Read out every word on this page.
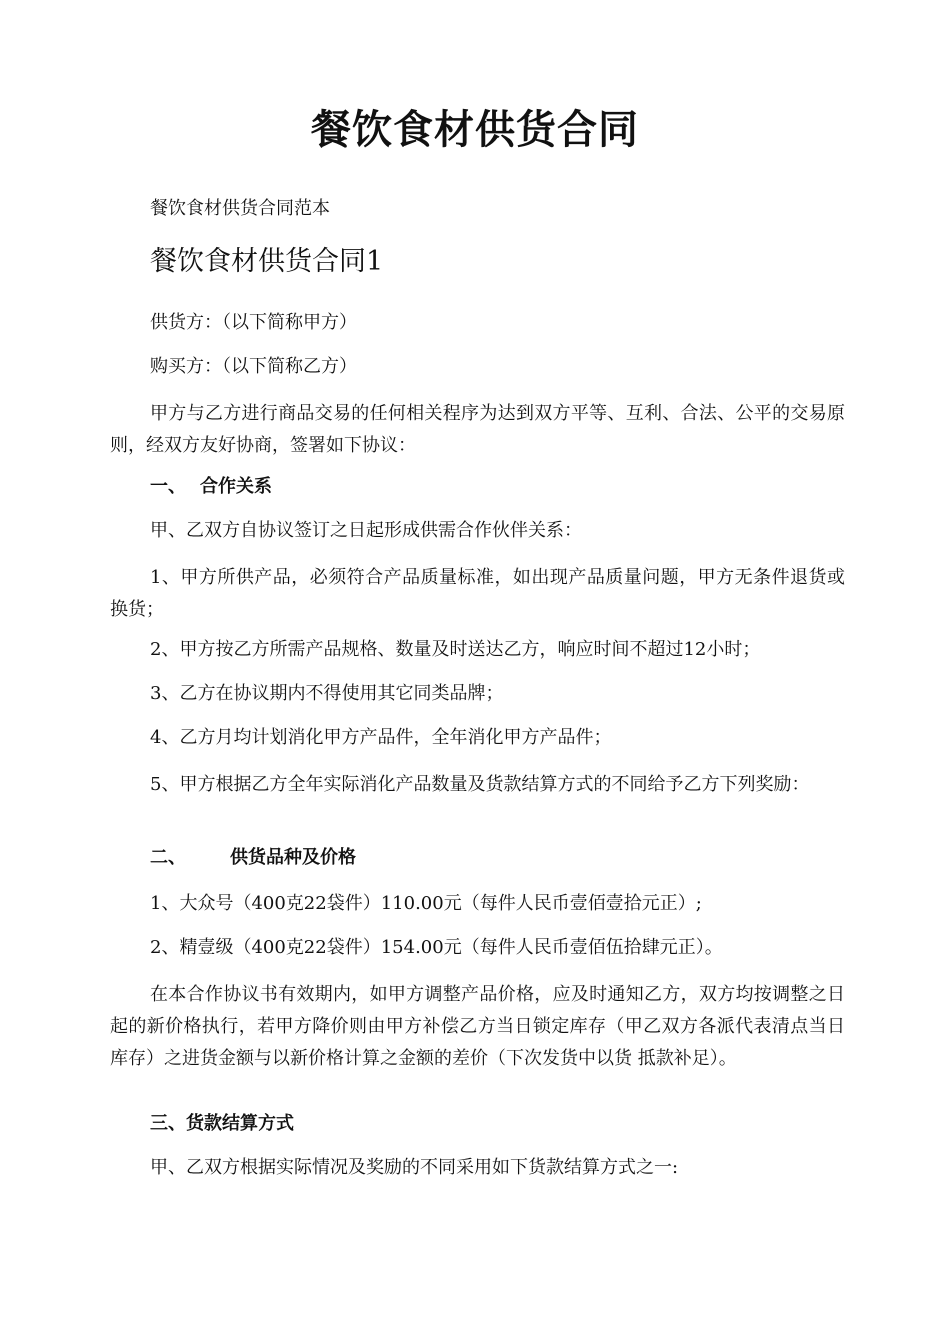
餐饮食材供货合同

餐饮食材供货合同范本

餐饮食材供货合同1

供货方：（以下简称甲方）

购买方：（以下简称乙方）

甲方与乙方进行商品交易的任何相关程序为达到双方平等、互利、合法、公平的交易原则，经双方友好协商，签署如下协议：

一、 合作关系

甲、乙双方自协议签订之日起形成供需合作伙伴关系：

1、甲方所供产品，必须符合产品质量标准，如出现产品质量问题，甲方无条件退货或换货；

2、甲方按乙方所需产品规格、数量及时送达乙方，响应时间不超过12小时；

3、乙方在协议期内不得使用其它同类品牌；

4、乙方月均计划消化甲方产品件，全年消化甲方产品件；

5、甲方根据乙方全年实际消化产品数量及货款结算方式的不同给予乙方下列奖励：

二、 供货品种及价格

1、大众号（400克22袋件）110.00元（每件人民币壹佰壹拾元正）;

2、精壹级（400克22袋件）154.00元（每件人民币壹佰伍拾肆元正）。

在本合作协议书有效期内，如甲方调整产品价格，应及时通知乙方，双方均按调整之日起的新价格执行，若甲方降价则由甲方补偿乙方当日锁定库存（甲乙双方各派代表清点当日库存）之进货金额与以新价格计算之金额的差价（下次发货中以货 抵款补足）。

三、货款结算方式

甲、乙双方根据实际情况及奖励的不同采用如下货款结算方式之一:
